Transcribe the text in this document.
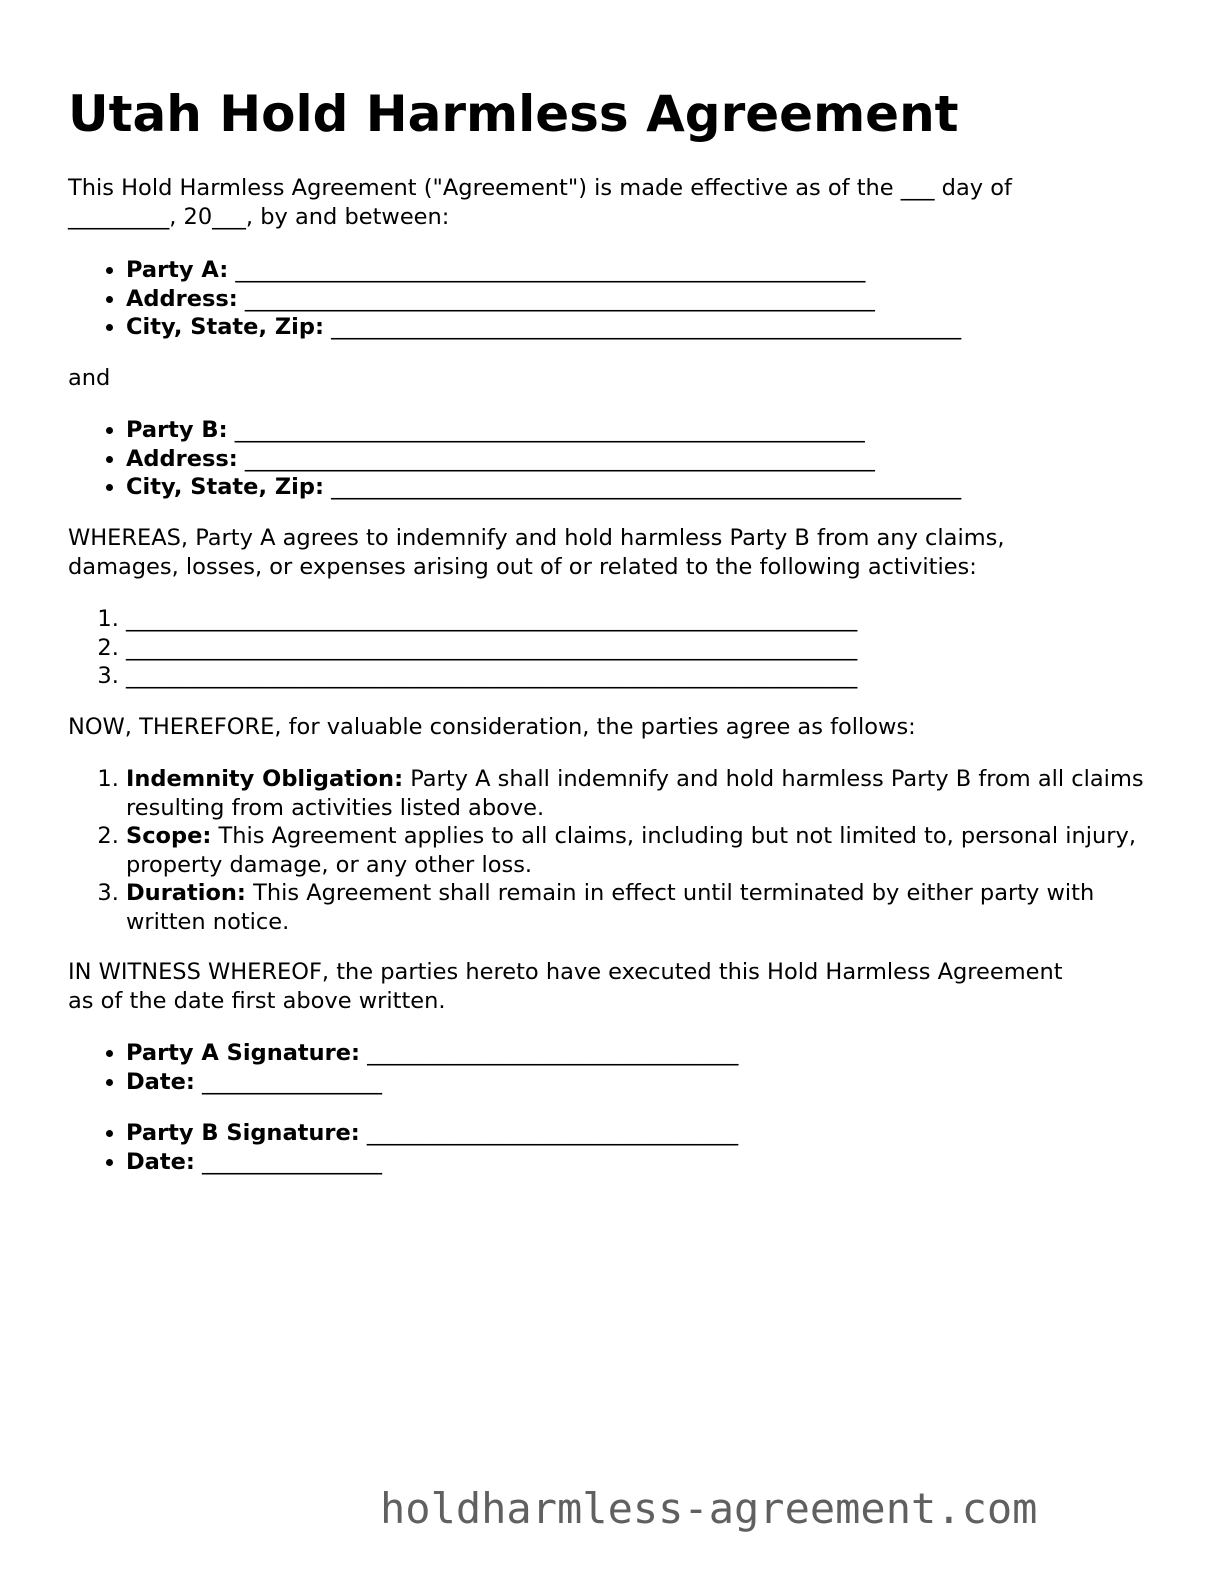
Utah Hold Harmless Agreement

This Hold Harmless Agreement ("Agreement") is made effective as of the ___ day of

_________, 20___, by and between:

• Party A: ________________________________________________________
• Address: ________________________________________________________
• City, State, Zip: ________________________________________________________

and

• Party B: ________________________________________________________
• Address: ________________________________________________________
• City, State, Zip: ________________________________________________________

WHEREAS, Party A agrees to indemnify and hold harmless Party B from any claims,

damages, losses, or expenses arising out of or related to the following activities:

1. _________________________________________________________________
2. _________________________________________________________________
3. _________________________________________________________________

NOW, THEREFORE, for valuable consideration, the parties agree as follows:

1. Indemnity Obligation: Party A shall indemnify and hold harmless Party B from all claims resulting from activities listed above.
2. Scope: This Agreement applies to all claims, including but not limited to, personal injury, property damage, or any other loss.
3. Duration: This Agreement shall remain in effect until terminated by either party with written notice.

IN WITNESS WHEREOF, the parties hereto have executed this Hold Harmless Agreement

as of the date first above written.

• Party A Signature: _________________________________
• Date: ________________
• Party B Signature: _________________________________
• Date: ________________
holdharmless-agreement.com
